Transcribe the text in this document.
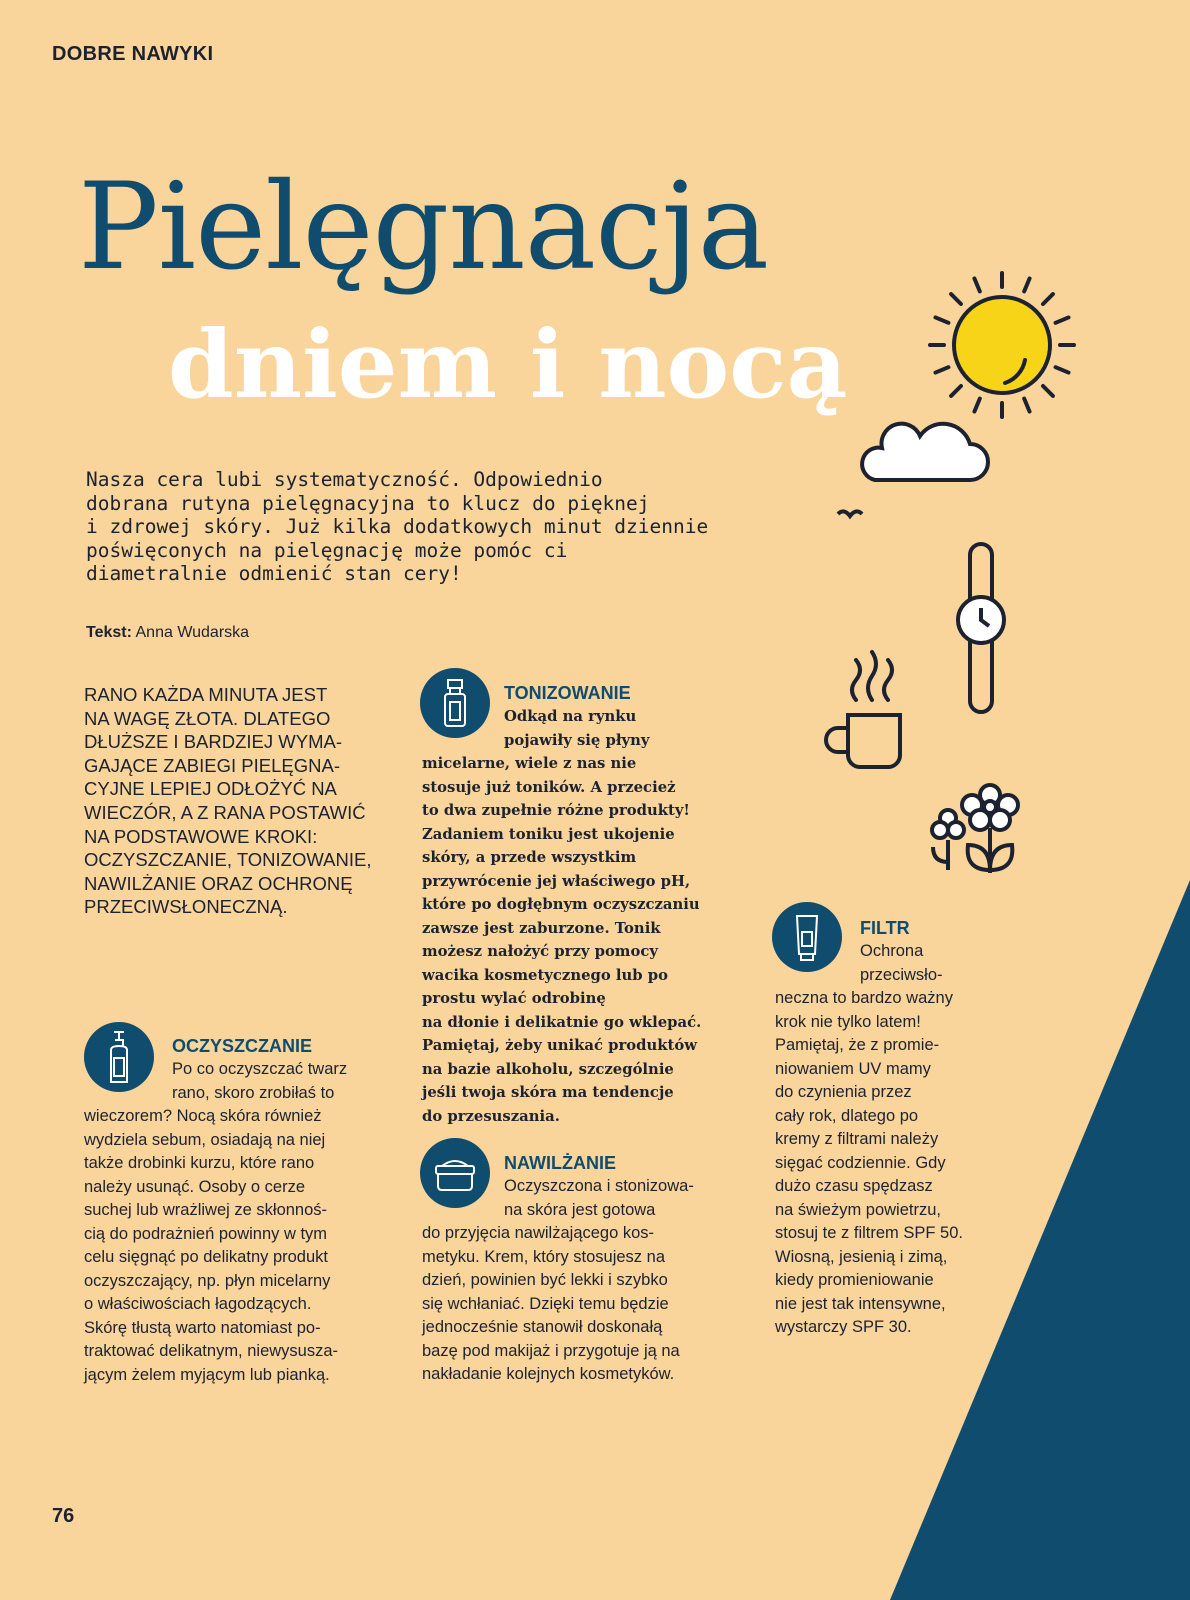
DOBRE NAWYKI
Pielęgnacja
dniem i nocą
Nasza cera lubi systematyczność. Odpowiednio
dobrana rutyna pielęgnacyjna to klucz do pięknej
i zdrowej skóry. Już kilka dodatkowych minut dziennie
poświęconych na pielęgnację może pomóc ci
diametralnie odmienić stan cery!
Tekst: Anna Wudarska
RANO KAŻDA MINUTA JEST
NA WAGĘ ZŁOTA. DLATEGO
DŁUŻSZE I BARDZIEJ WYMA-
GAJĄCE ZABIEGI PIELĘGNA-
CYJNE LEPIEJ ODŁOŻYĆ NA
WIECZÓR, A Z RANA POSTAWIĆ
NA PODSTAWOWE KROKI:
OCZYSZCZANIE, TONIZOWANIE,
NAWILŻANIE ORAZ OCHRONĘ
PRZECIWSŁONECZNĄ.
TONIZOWANIE
Odkąd na rynku
pojawiły się płyny
micelarne, wiele z nas nie
stosuje już toników. A przecież
to dwa zupełnie różne produkty!
Zadaniem toniku jest ukojenie
skóry, a przede wszystkim
przywrócenie jej właściwego pH,
które po dogłębnym oczyszczaniu
zawsze jest zaburzone. Tonik
możesz nałożyć przy pomocy
wacika kosmetycznego lub po
prostu wylać odrobinę
na dłonie i delikatnie go wklepać.
Pamiętaj, żeby unikać produktów
na bazie alkoholu, szczególnie
jeśli twoja skóra ma tendencje
do przesuszania.
OCZYSZCZANIE
Po co oczyszczać twarz
rano, skoro zrobiłaś to
wieczorem? Nocą skóra również
wydziela sebum, osiadają na niej
także drobinki kurzu, które rano
należy usunąć. Osoby o cerze
suchej lub wrażliwej ze skłonnoś-
cią do podrażnień powinny w tym
celu sięgnąć po delikatny produkt
oczyszczający, np. płyn micelarny
o właściwościach łagodzących.
Skórę tłustą warto natomiast po-
traktować delikatnym, niewysusza-
jącym żelem myjącym lub pianką.
NAWILŻANIE
Oczyszczona i stonizowa-
na skóra jest gotowa
do przyjęcia nawilżającego kos-
metyku. Krem, który stosujesz na
dzień, powinien być lekki i szybko
się wchłaniać. Dzięki temu będzie
jednocześnie stanowił doskonałą
bazę pod makijaż i przygotuje ją na
nakładanie kolejnych kosmetyków.
FILTR
Ochrona
przeciwsło-
neczna to bardzo ważny
krok nie tylko latem!
Pamiętaj, że z promie-
niowaniem UV mamy
do czynienia przez
cały rok, dlatego po
kremy z filtrami należy
sięgać codziennie. Gdy
dużo czasu spędzasz
na świeżym powietrzu,
stosuj te z filtrem SPF 50.
Wiosną, jesienią i zimą,
kiedy promieniowanie
nie jest tak intensywne,
wystarczy SPF 30.
76
